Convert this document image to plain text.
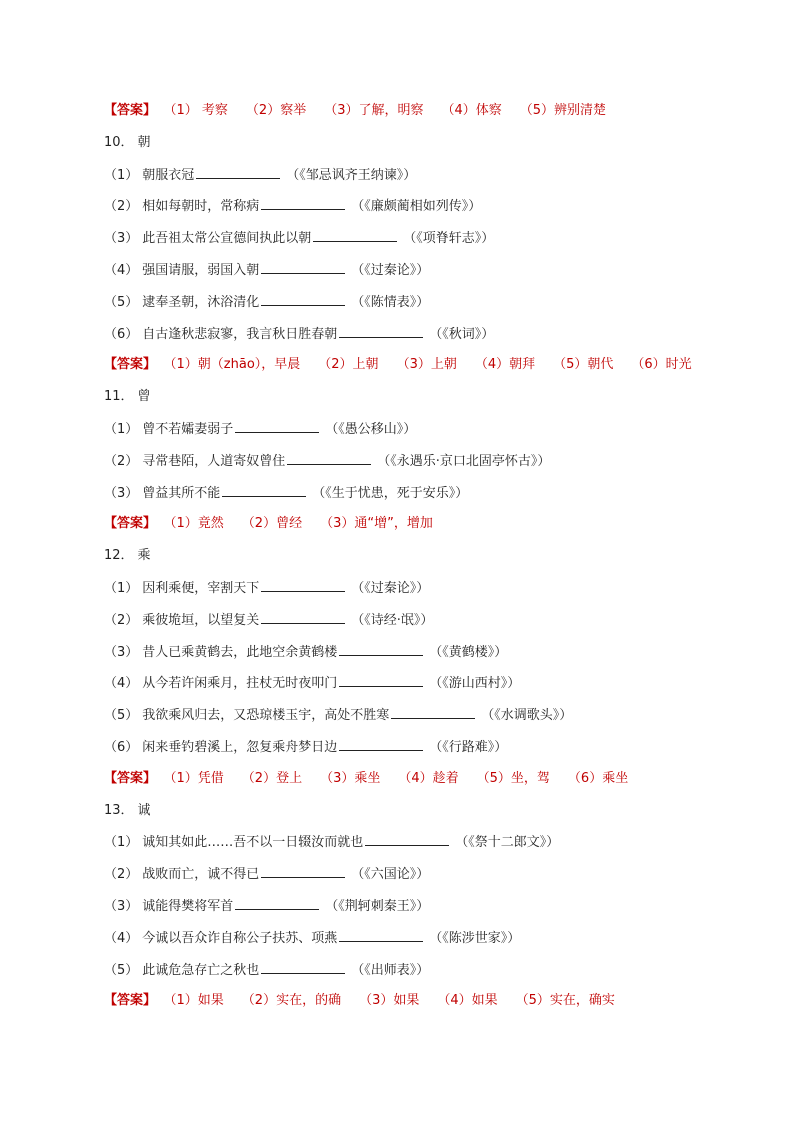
【答案】 （1） 考察 （2）察举 （3）了解，明察 （4）体察 （5）辨别清楚
10． 朝
（1） 朝服衣冠	（《邹忌讽齐王纳谏》）
（2） 相如每朝时，常称病	（《廉颇蔺相如列传》）
（3） 此吾祖太常公宣德间执此以朝	（《项脊轩志》）
（4） 强国请服，弱国入朝	（《过秦论》）
（5） 逮奉圣朝，沐浴清化	（《陈情表》）
（6） 自古逢秋悲寂寥，我言秋日胜春朝	（《秋词》）
【答案】 （1）朝（zhāo），早晨 （2）上朝 （3）上朝 （4）朝拜 （5）朝代 （6）时光
11． 曾
（1） 曾不若孀妻弱子	（《愚公移山》）
（2） 寻常巷陌，人道寄奴曾住	（《永遇乐·京口北固亭怀古》）
（3） 曾益其所不能	（《生于忧患，死于安乐》）
【答案】 （1）竟然 （2）曾经 （3）通“增”，增加
12． 乘
（1） 因利乘便，宰割天下	（《过秦论》）
（2） 乘彼垝垣，以望复关	（《诗经·氓》）
（3） 昔人已乘黄鹤去，此地空余黄鹤楼	（《黄鹤楼》）
（4） 从今若许闲乘月，拄杖无时夜叩门	（《游山西村》）
（5） 我欲乘风归去，又恐琼楼玉宇，高处不胜寒	（《水调歌头》）
（6） 闲来垂钓碧溪上，忽复乘舟梦日边	（《行路难》）
【答案】 （1）凭借 （2）登上 （3）乘坐 （4）趁着 （5）坐，驾 （6）乘坐
13． 诚
（1） 诚知其如此……吾不以一日辍汝而就也	（《祭十二郎文》）
（2） 战败而亡，诚不得已	（《六国论》）
（3） 诚能得樊将军首	（《荆轲刺秦王》）
（4） 今诚以吾众诈自称公子扶苏、项燕	（《陈涉世家》）
（5） 此诚危急存亡之秋也	（《出师表》）
【答案】 （1）如果 （2）实在，的确 （3）如果 （4）如果 （5）实在，确实
